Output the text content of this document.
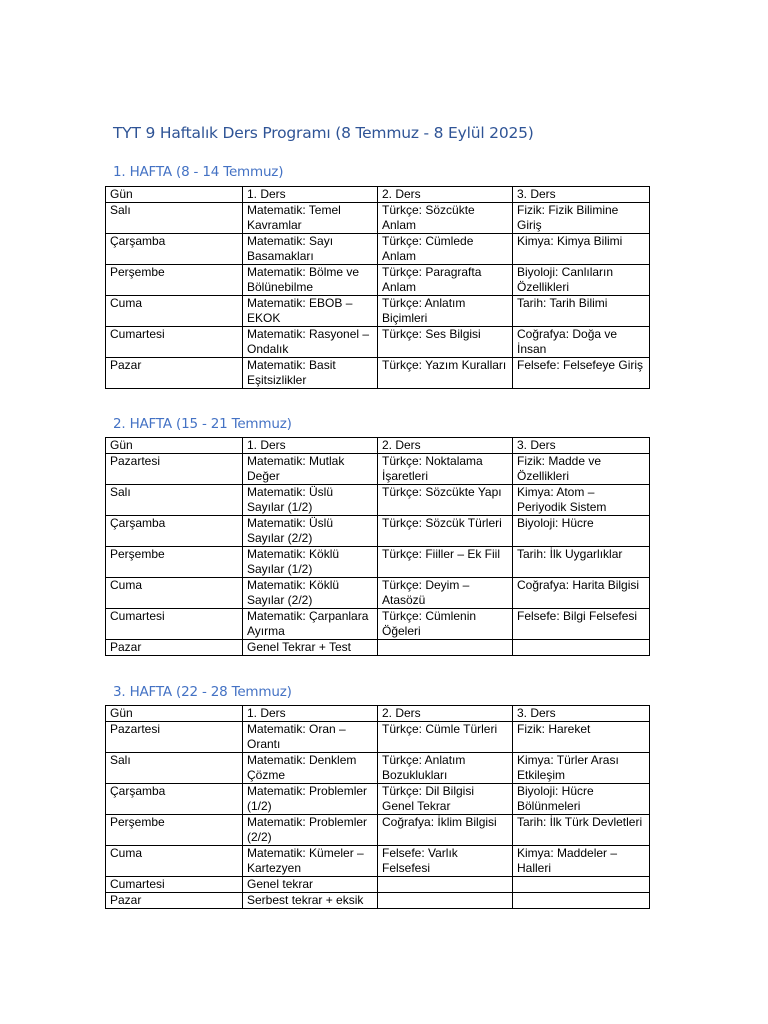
TYT 9 Haftalık Ders Programı (8 Temmuz - 8 Eylül 2025)
1. HAFTA (8 - 14 Temmuz)
Gün	1. Ders	2. Ders	3. Ders
Salı	Matematik: Temel Kavramlar	Türkçe: Sözcükte Anlam	Fizik: Fizik Bilimine Giriş
Çarşamba	Matematik: Sayı Basamakları	Türkçe: Cümlede Anlam	Kimya: Kimya Bilimi
Perşembe	Matematik: Bölme ve Bölünebilme	Türkçe: Paragrafta Anlam	Biyoloji: Canlıların Özellikleri
Cuma	Matematik: EBOB – EKOK	Türkçe: Anlatım Biçimleri	Tarih: Tarih Bilimi
Cumartesi	Matematik: Rasyonel – Ondalık	Türkçe: Ses Bilgisi	Coğrafya: Doğa ve İnsan
Pazar	Matematik: Basit Eşitsizlikler	Türkçe: Yazım Kuralları	Felsefe: Felsefeye Giriş
2. HAFTA (15 - 21 Temmuz)
Gün	1. Ders	2. Ders	3. Ders
Pazartesi	Matematik: Mutlak Değer	Türkçe: Noktalama İşaretleri	Fizik: Madde ve Özellikleri
Salı	Matematik: Üslü Sayılar (1/2)	Türkçe: Sözcükte Yapı	Kimya: Atom – Periyodik Sistem
Çarşamba	Matematik: Üslü Sayılar (2/2)	Türkçe: Sözcük Türleri	Biyoloji: Hücre
Perşembe	Matematik: Köklü Sayılar (1/2)	Türkçe: Fiiller – Ek Fiil	Tarih: İlk Uygarlıklar
Cuma	Matematik: Köklü Sayılar (2/2)	Türkçe: Deyim – Atasözü	Coğrafya: Harita Bilgisi
Cumartesi	Matematik: Çarpanlara Ayırma	Türkçe: Cümlenin Öğeleri	Felsefe: Bilgi Felsefesi
Pazar	Genel Tekrar + Test		
3. HAFTA (22 - 28 Temmuz)
Gün	1. Ders	2. Ders	3. Ders
Pazartesi	Matematik: Oran – Orantı	Türkçe: Cümle Türleri	Fizik: Hareket
Salı	Matematik: Denklem Çözme	Türkçe: Anlatım Bozuklukları	Kimya: Türler Arası Etkileşim
Çarşamba	Matematik: Problemler (1/2)	Türkçe: Dil Bilgisi Genel Tekrar	Biyoloji: Hücre Bölünmeleri
Perşembe	Matematik: Problemler (2/2)	Coğrafya: İklim Bilgisi	Tarih: İlk Türk Devletleri
Cuma	Matematik: Kümeler – Kartezyen	Felsefe: Varlık Felsefesi	Kimya: Maddeler – Halleri
Cumartesi	Genel tekrar		
Pazar	Serbest tekrar + eksik		
